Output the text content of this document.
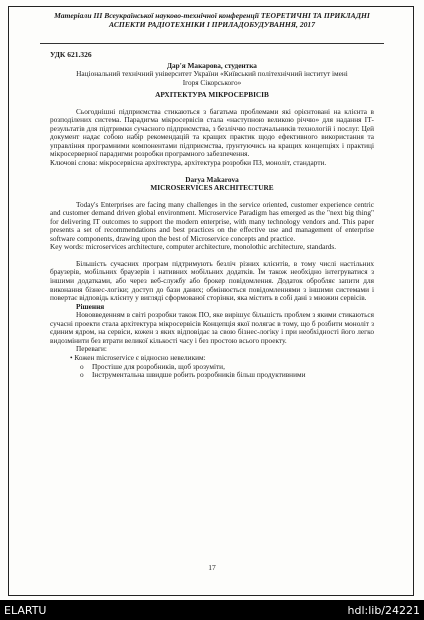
Матеріали ІІІ Всеукраїнської науково-технічної конференції ТЕОРЕТИЧНІ ТА ПРИКЛАДНІ
АСПЕКТИ РАДІОТЕХНІКИ І ПРИЛАДОБУДУВАННЯ, 2017
УДК 621.326
Дар'я Макарова, студентка
Національний технічний університет України «Київський політехнічний інститут імені
Ігоря Сікорського»
АРХІТЕКТУРА МІКРОСЕРВІСІВ

Сьогоднішні підприємства стикаються з багатьма проблемами які орієнтовані на клієнта в розподілених система. Парадигма мікросервісів стала «наступною великою річчю» для надання ІТ-результатів для підтримки сучасного підприємства, з безліччю постачальників технологій і послуг. Цей документ надає собою набір рекомендацій та кращих практик щодо ефективного використання та управління програмними компонентами підприємства, ґрунтуючись на кращих концепціях і практиці мікросерверної парадигми розробки програмного забезпечення.

Ключові слова: мікросервісна архітектура, архітектура розробки ПЗ, моноліт, стандарти.

Darya Makarova
MICROSERVICES ARCHITECTURE

Today's Enterprises are facing many challenges in the service oriented, customer experience centric and customer demand driven global environment. Microservice Paradigm has emerged as the "next big thing" for delivering IT outcomes to support the modern enterprise, with many technology vendors and. This paper presents a set of recommendations and best practices on the effective use and management of enterprise software components, drawing upon the best of Microservice concepts and practice.

Key words: microservices architecture, computer architecture, monolothic architecture, standards.

Більшість сучасних програм підтримують безліч різних клієнтів, в тому числі настільних браузерів, мобільних браузерів і нативних мобільних додатків. Їм також необхідно інтегруватися з іншими додатками, або через веб-службу або брокер повідомлення. Додаток обробляє запити для виконання бізнес-логіки; доступ до бази даних; обмінюється повідомленнями з іншими системами і повертає відповідь клієнту у вигляді сформованої сторінки, яка містить в собі дані з множин сервісів.

Рішення

Нововведенням в світі розробки також ПО, яке вирішує більшість проблем з якими стикаються сучасні проекти стала архітектура мікросервісів Концепція якої полягає в тому, що б розбити моноліт з єдиним ядром, на сервіси, кожен з яких відповідає за свою бізнес-логіку і при необхідності його легко видозмінити без втрати великої кількості часу і без простою всього проекту.

Переваги:

• Кожен microservice є відносно невеликим:

o Простіше для розробників, щоб зрозуміти,

o Інструментальна швидше робить розробників більш продуктивними

17
ELARTU	hdl:lib/24221
